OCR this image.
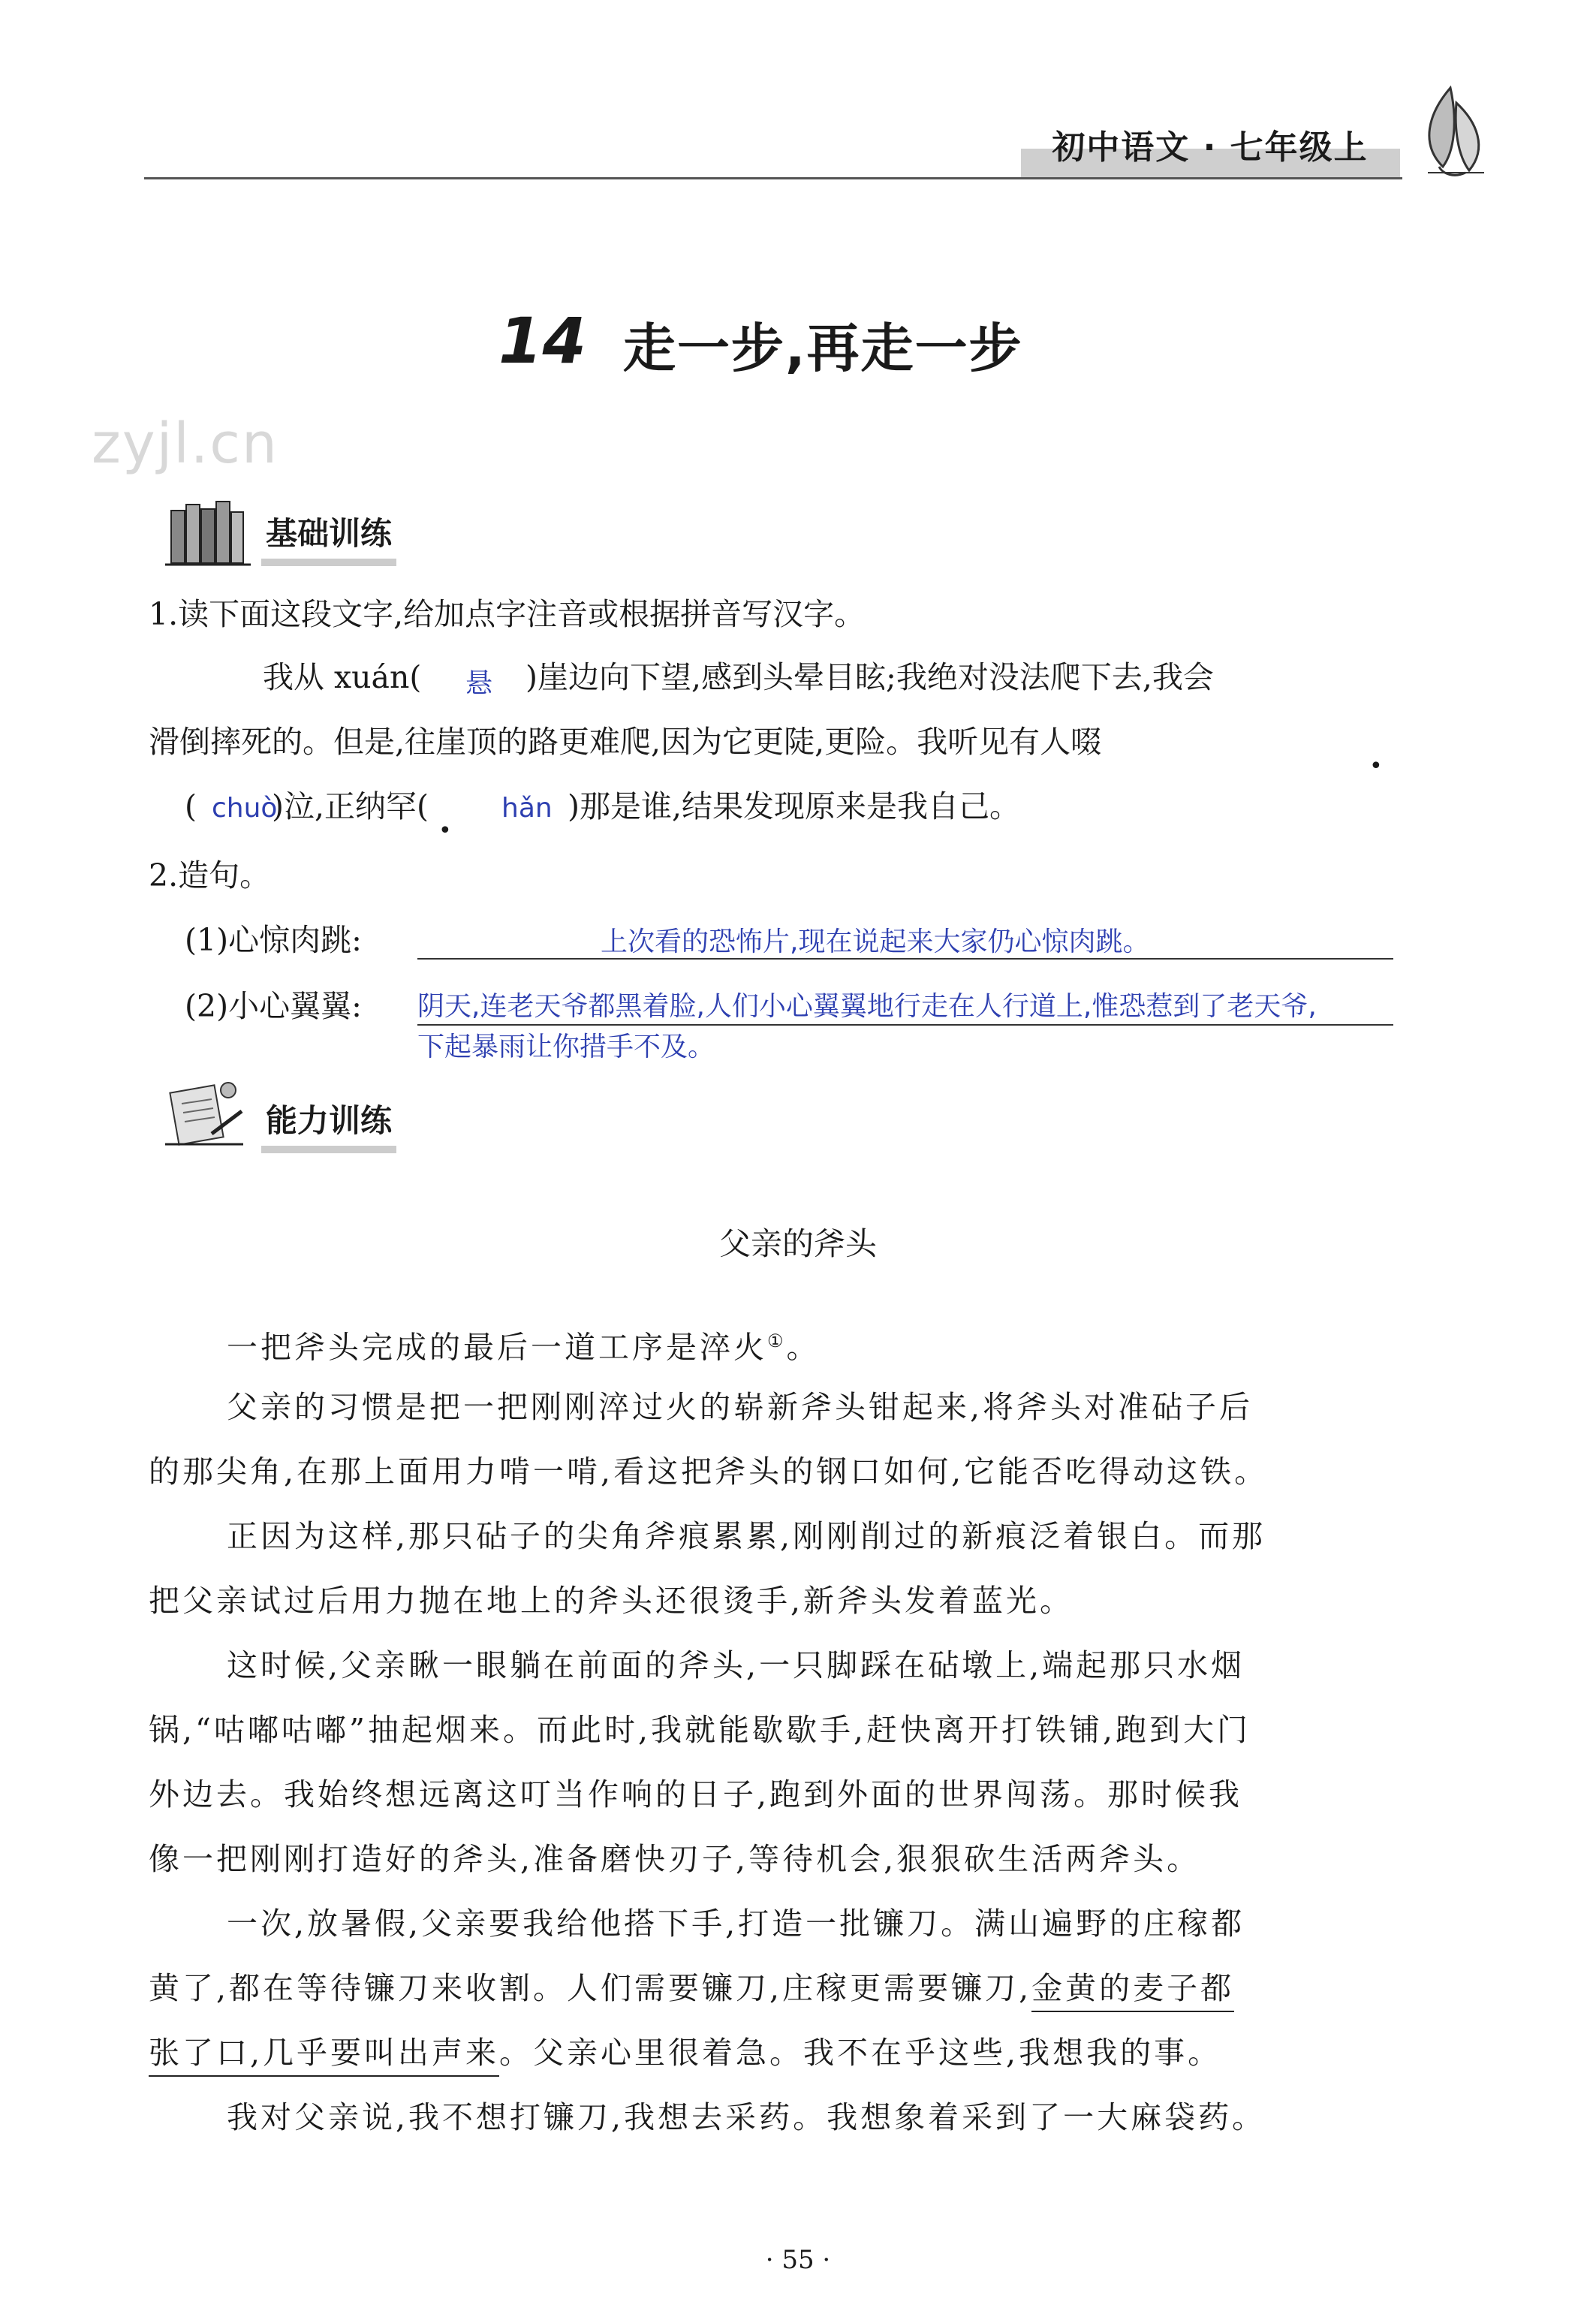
初中语文 · 七年级上
14 走一步,再走一步
zyjl.cn
基础训练
1.读下面这段文字,给加点字注音或根据拼音写汉字。
我从 xuán( 悬 )崖边向下望,感到头晕目眩;我绝对没法爬下去,我会
滑倒摔死的。但是,往崖顶的路更难爬,因为它更陡,更险。我听见有人啜
•
( chuò
)泣,正纳罕(
•
hǎn )那是谁,结果发现原来是我自己。
2.造句。
(1)心惊肉跳:	上次看的恐怖片,现在说起来大家仍心惊肉跳。
(2)小心翼翼: 阴天,连老天爷都黑着脸,人们小心翼翼地行走在人行道上,惟恐惹到了老天爷,
下起暴雨让你措手不及。
能力训练
父亲的斧头
一把斧头完成的最后一道工序是淬火①。
父亲的习惯是把一把刚刚淬过火的崭新斧头钳起来,将斧头对准砧子后
的那尖角,在那上面用力啃一啃,看这把斧头的钢口如何,它能否吃得动这铁。
正因为这样,那只砧子的尖角斧痕累累,刚刚削过的新痕泛着银白。而那
把父亲试过后用力抛在地上的斧头还很烫手,新斧头发着蓝光。
这时候,父亲瞅一眼躺在前面的斧头,一只脚踩在砧墩上,端起那只水烟
锅,“咕嘟咕嘟”抽起烟来。而此时,我就能歇歇手,赶快离开打铁铺,跑到大门
外边去。我始终想远离这叮当作响的日子,跑到外面的世界闯荡。那时候我
像一把刚刚打造好的斧头,准备磨快刃子,等待机会,狠狠砍生活两斧头。
一次,放暑假,父亲要我给他搭下手,打造一批镰刀。满山遍野的庄稼都
黄了,都在等待镰刀来收割。人们需要镰刀,庄稼更需要镰刀,金黄的麦子都
张了口,几乎要叫出声来。父亲心里很着急。我不在乎这些,我想我的事。
我对父亲说,我不想打镰刀,我想去采药。我想象着采到了一大麻袋药。
· 55 ·
